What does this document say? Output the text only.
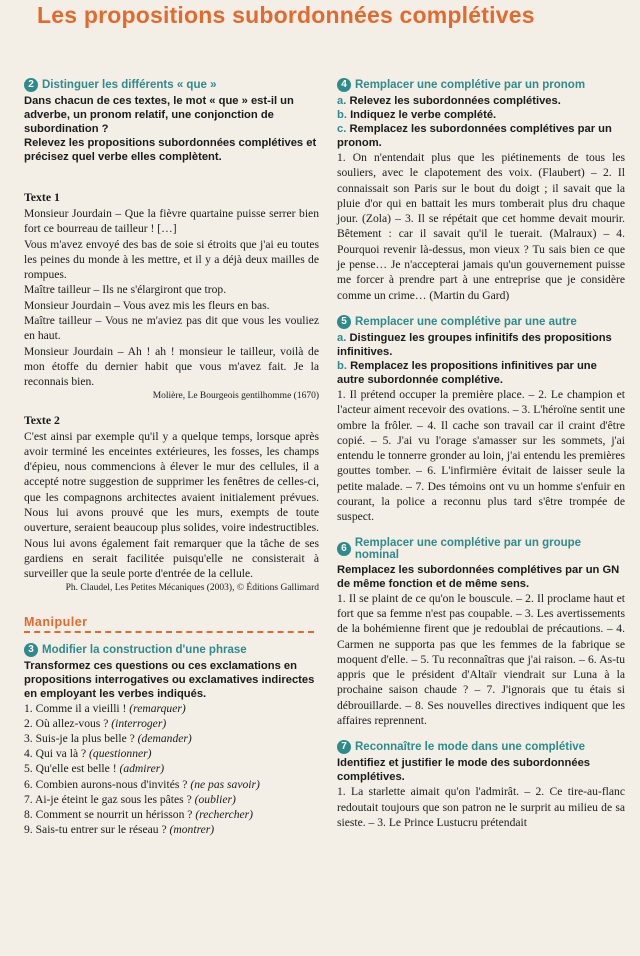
Les propositions subordonnées complétives
2 Distinguer les différents « que »

Dans chacun de ces textes, le mot « que » est-il un adverbe, un pronom relatif, une conjonction de subordination ?

Relevez les propositions subordonnées complétives et précisez quel verbe elles complètent.

Texte 1

Monsieur Jourdain – Que la fièvre quartaine puisse serrer bien fort ce bourreau de tailleur ! […]

Vous m'avez envoyé des bas de soie si étroits que j'ai eu toutes les peines du monde à les mettre, et il y a déjà deux mailles de rompues.

Maître tailleur – Ils ne s'élargiront que trop.

Monsieur Jourdain – Vous avez mis les fleurs en bas.

Maître tailleur – Vous ne m'aviez pas dit que vous les vouliez en haut.

Monsieur Jourdain – Ah ! ah ! monsieur le tailleur, voilà de mon étoffe du dernier habit que vous m'avez fait. Je la reconnais bien.

Molière, Le Bourgeois gentilhomme (1670)

Texte 2

C'est ainsi par exemple qu'il y a quelque temps, lorsque après avoir terminé les enceintes extérieures, les fosses, les champs d'épieu, nous commencions à élever le mur des cellules, il a accepté notre suggestion de supprimer les fenêtres de celles-ci, que les compagnons architectes avaient initialement prévues. Nous lui avons prouvé que les murs, exempts de toute ouverture, seraient beaucoup plus solides, voire indestructibles. Nous lui avons également fait remarquer que la tâche de ses gardiens en serait facilitée puisqu'elle ne consisterait à surveiller que la seule porte d'entrée de la cellule.

Ph. Claudel, Les Petites Mécaniques (2003), © Éditions Gallimard

Manipuler
3 Modifier la construction d'une phrase

Transformez ces questions ou ces exclamations en propositions interrogatives ou exclamatives indirectes en employant les verbes indiqués.

1. Comme il a vieilli ! (remarquer)
2. Où allez-vous ? (interroger)
3. Suis-je la plus belle ? (demander)
4. Qui va là ? (questionner)
5. Qu'elle est belle ! (admirer)
6. Combien aurons-nous d'invités ? (ne pas savoir)
7. Ai-je éteint le gaz sous les pâtes ? (oublier)
8. Comment se nourrit un hérisson ? (rechercher)
9. Sais-tu entrer sur le réseau ? (montrer)
4 Remplacer une complétive par un pronom

a. Relevez les subordonnées complétives.

b. Indiquez le verbe complété.

c. Remplacez les subordonnées complétives par un pronom.

1. On n'entendait plus que les piétinements de tous les souliers, avec le clapotement des voix. (Flaubert) – 2. Il connaissait son Paris sur le bout du doigt ; il savait que la pluie d'or qui en battait les murs tomberait plus dru chaque jour. (Zola) – 3. Il se répétait que cet homme devait mourir. Bêtement : car il savait qu'il le tuerait. (Malraux) – 4. Pourquoi revenir là-dessus, mon vieux ? Tu sais bien ce que je pense… Je n'accepterai jamais qu'un gouvernement puisse me forcer à prendre part à une entreprise que je considère comme un crime… (Martin du Gard)

5 Remplacer une complétive par une autre

a. Distinguez les groupes infinitifs des propositions infinitives.

b. Remplacez les propositions infinitives par une autre subordonnée complétive.

1. Il prétend occuper la première place. – 2. Le champion et l'acteur aiment recevoir des ovations. – 3. L'héroïne sentit une ombre la frôler. – 4. Il cache son travail car il craint d'être copié. – 5. J'ai vu l'orage s'amasser sur les sommets, j'ai entendu le tonnerre gronder au loin, j'ai entendu les premières gouttes tomber. – 6. L'infirmière évitait de laisser seule la petite malade. – 7. Des témoins ont vu un homme s'enfuir en courant, la police a reconnu plus tard s'être trompée de suspect.

6 Remplacer une complétive par un groupe nominal

Remplacez les subordonnées complétives par un GN de même fonction et de même sens.

1. Il se plaint de ce qu'on le bouscule. – 2. Il proclame haut et fort que sa femme n'est pas coupable. – 3. Les avertissements de la bohémienne firent que je redoublai de précautions. – 4. Carmen ne supporta pas que les femmes de la fabrique se moquent d'elle. – 5. Tu reconnaîtras que j'ai raison. – 6. As-tu appris que le président d'Altaïr viendrait sur Luna à la prochaine saison chaude ? – 7. J'ignorais que tu étais si débrouillarde. – 8. Ses nouvelles directives indiquent que les affaires reprennent.

7 Reconnaître le mode dans une complétive

Identifiez et justifier le mode des subordonnées complétives.

1. La starlette aimait qu'on l'admirât. – 2. Ce tire-au-flanc redoutait toujours que son patron ne le surprit au milieu de sa sieste. – 3. Le Prince Lustucru prétendait
